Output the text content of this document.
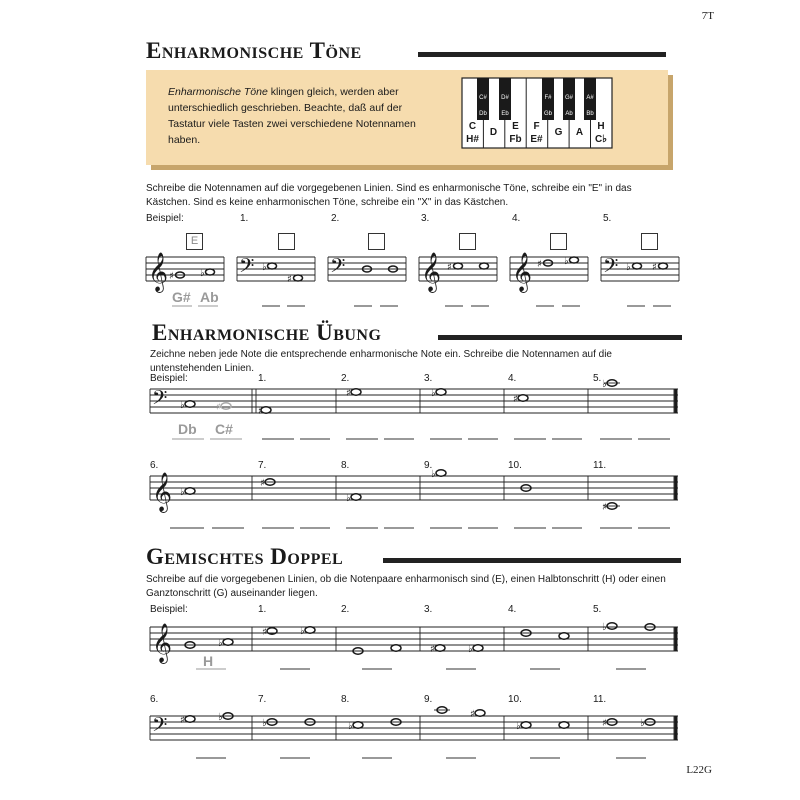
7T
L22G
Enharmonische Töne

Enharmonische Töne klingen gleich, werden aber unterschiedlich geschrieben. Beachte, daß auf der Tastatur viele Tasten zwei verschiedene Notennamen haben.

C#
Db
D#
Eb
F#
Gb
G#
Ab
A#
Bb
C
H#
D
E
Fb
F
E#
G	A
H
C♭
Schreibe die Notennamen auf die vorgegebenen Linien. Sind es enharmonische Töne, schreibe ein "E" in das Kästchen. Sind es keine enharmonischen Töne, schreibe ein "X" in das Kästchen.
Beispiel:	1.	2.	3.	4.	5.
E
𝄞	𝄢	𝄢 𝄞 𝄞	𝄢
♯	♭
♭
♯
♯	♯ ♭
♭ ♯
G# Ab
Enharmonische Übung
Zeichne neben jede Note die entsprechende enharmonische Note ein. Schreibe die Notennamen auf die untenstehenden Linien.
Beispiel:	1.	2.	3.	4.	5.
6.	7.	8.	9.	10.	11.
𝄢
𝄞
♭
♯
♯	♭
♯
♭
♯
♭
♯
♭
♭
♯
Db C#
Gemischtes Doppel
Schreibe auf die vorgegebenen Linien, ob die Notenpaare enharmonisch sind (E), einen Halbtonschritt (H) oder einen Ganztonschritt (G) auseinander liegen.
Beispiel:	1.	2.	3.	4.	5.
6.	7.	8.	9.	10.	11.
𝄞
𝄢
♭
♯	♭
♯	♭
♭
♯	♭
♭	♭
♯
♭	♯	♭
H
